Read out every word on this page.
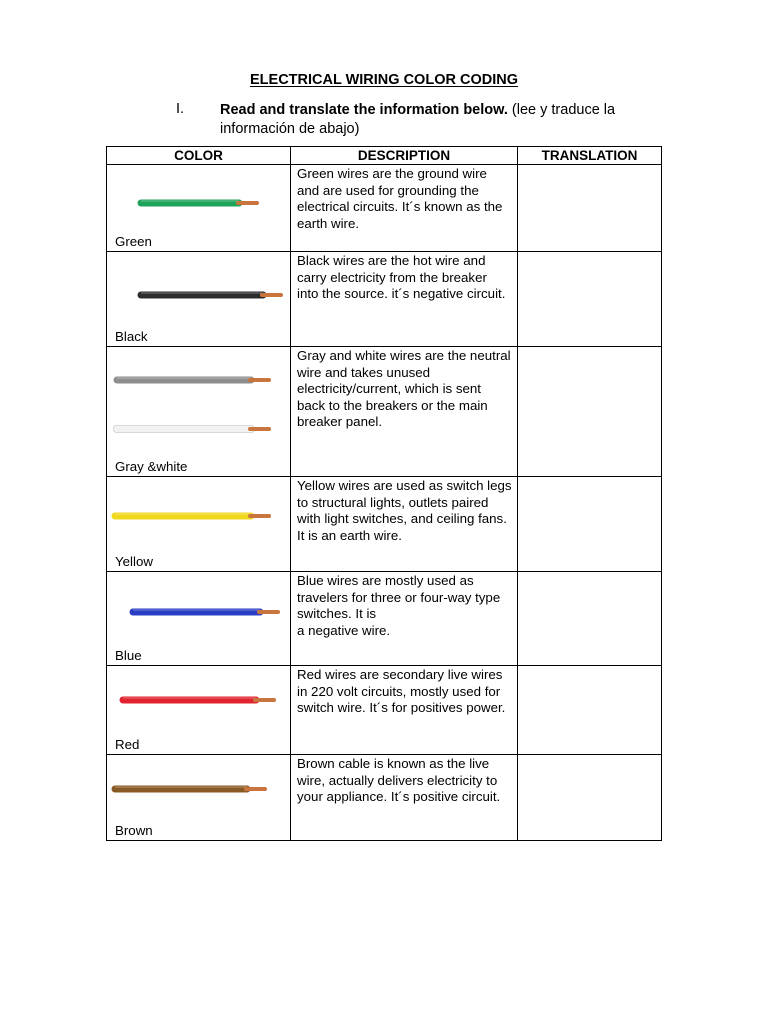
ELECTRICAL WIRING COLOR CODING
I. Read and translate the information below. (lee y traduce la información de abajo)
COLOR	DESCRIPTION	TRANSLATION

Green	Green wires are the ground wire and are used for grounding the electrical circuits. It´s known as the earth wire.	

Black	Black wires are the hot wire and carry electricity from the breaker into the source. it´s negative circuit.	

Gray &white	Gray and white wires are the neutral wire and takes unused electricity/current, which is sent back to the breakers or the main breaker panel.	

Yellow	Yellow wires are used as switch legs to structural lights, outlets paired with light switches, and ceiling fans. It is an earth wire.	

Blue	Blue wires are mostly used as travelers for three or four-way type switches. It is
a negative wire.	

Red	Red wires are secondary live wires in 220 volt circuits, mostly used for switch wire. It´s for positives power.	

Brown	Brown cable is known as the live wire, actually delivers electricity to your appliance. It´s positive circuit.	
